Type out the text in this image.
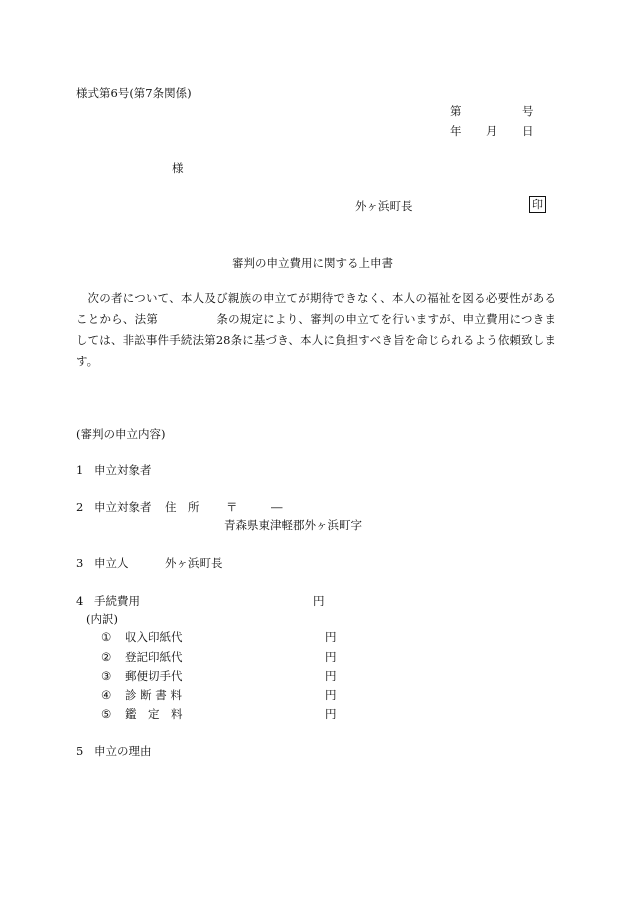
様式第6号(第7条関係)
第	号
年 月 日
様
外ヶ浜町長	印
審判の申立費用に関する上申書
次の者について、本人及び親族の申立てが期待できなく、本人の福祉を図る必要性があることから、法第	条の規定により、審判の申立てを行いますが、申立費用につきましては、非訟事件手続法第28条に基づき、本人に負担すべき旨を命じられるよう依頼致します。
(審判の申立内容)
1 申立対象者
2 申立対象者 住　所 〒	―
青森県東津軽郡外ヶ浜町字
3 申立人	外ヶ浜町長
4 手続費用	円
(内訳)
① 収入印紙代	円
② 登記印紙代	円
③ 郵便切手代	円
④ 診 断 書 料	円
⑤ 鑑　定　料	円
5 申立の理由
